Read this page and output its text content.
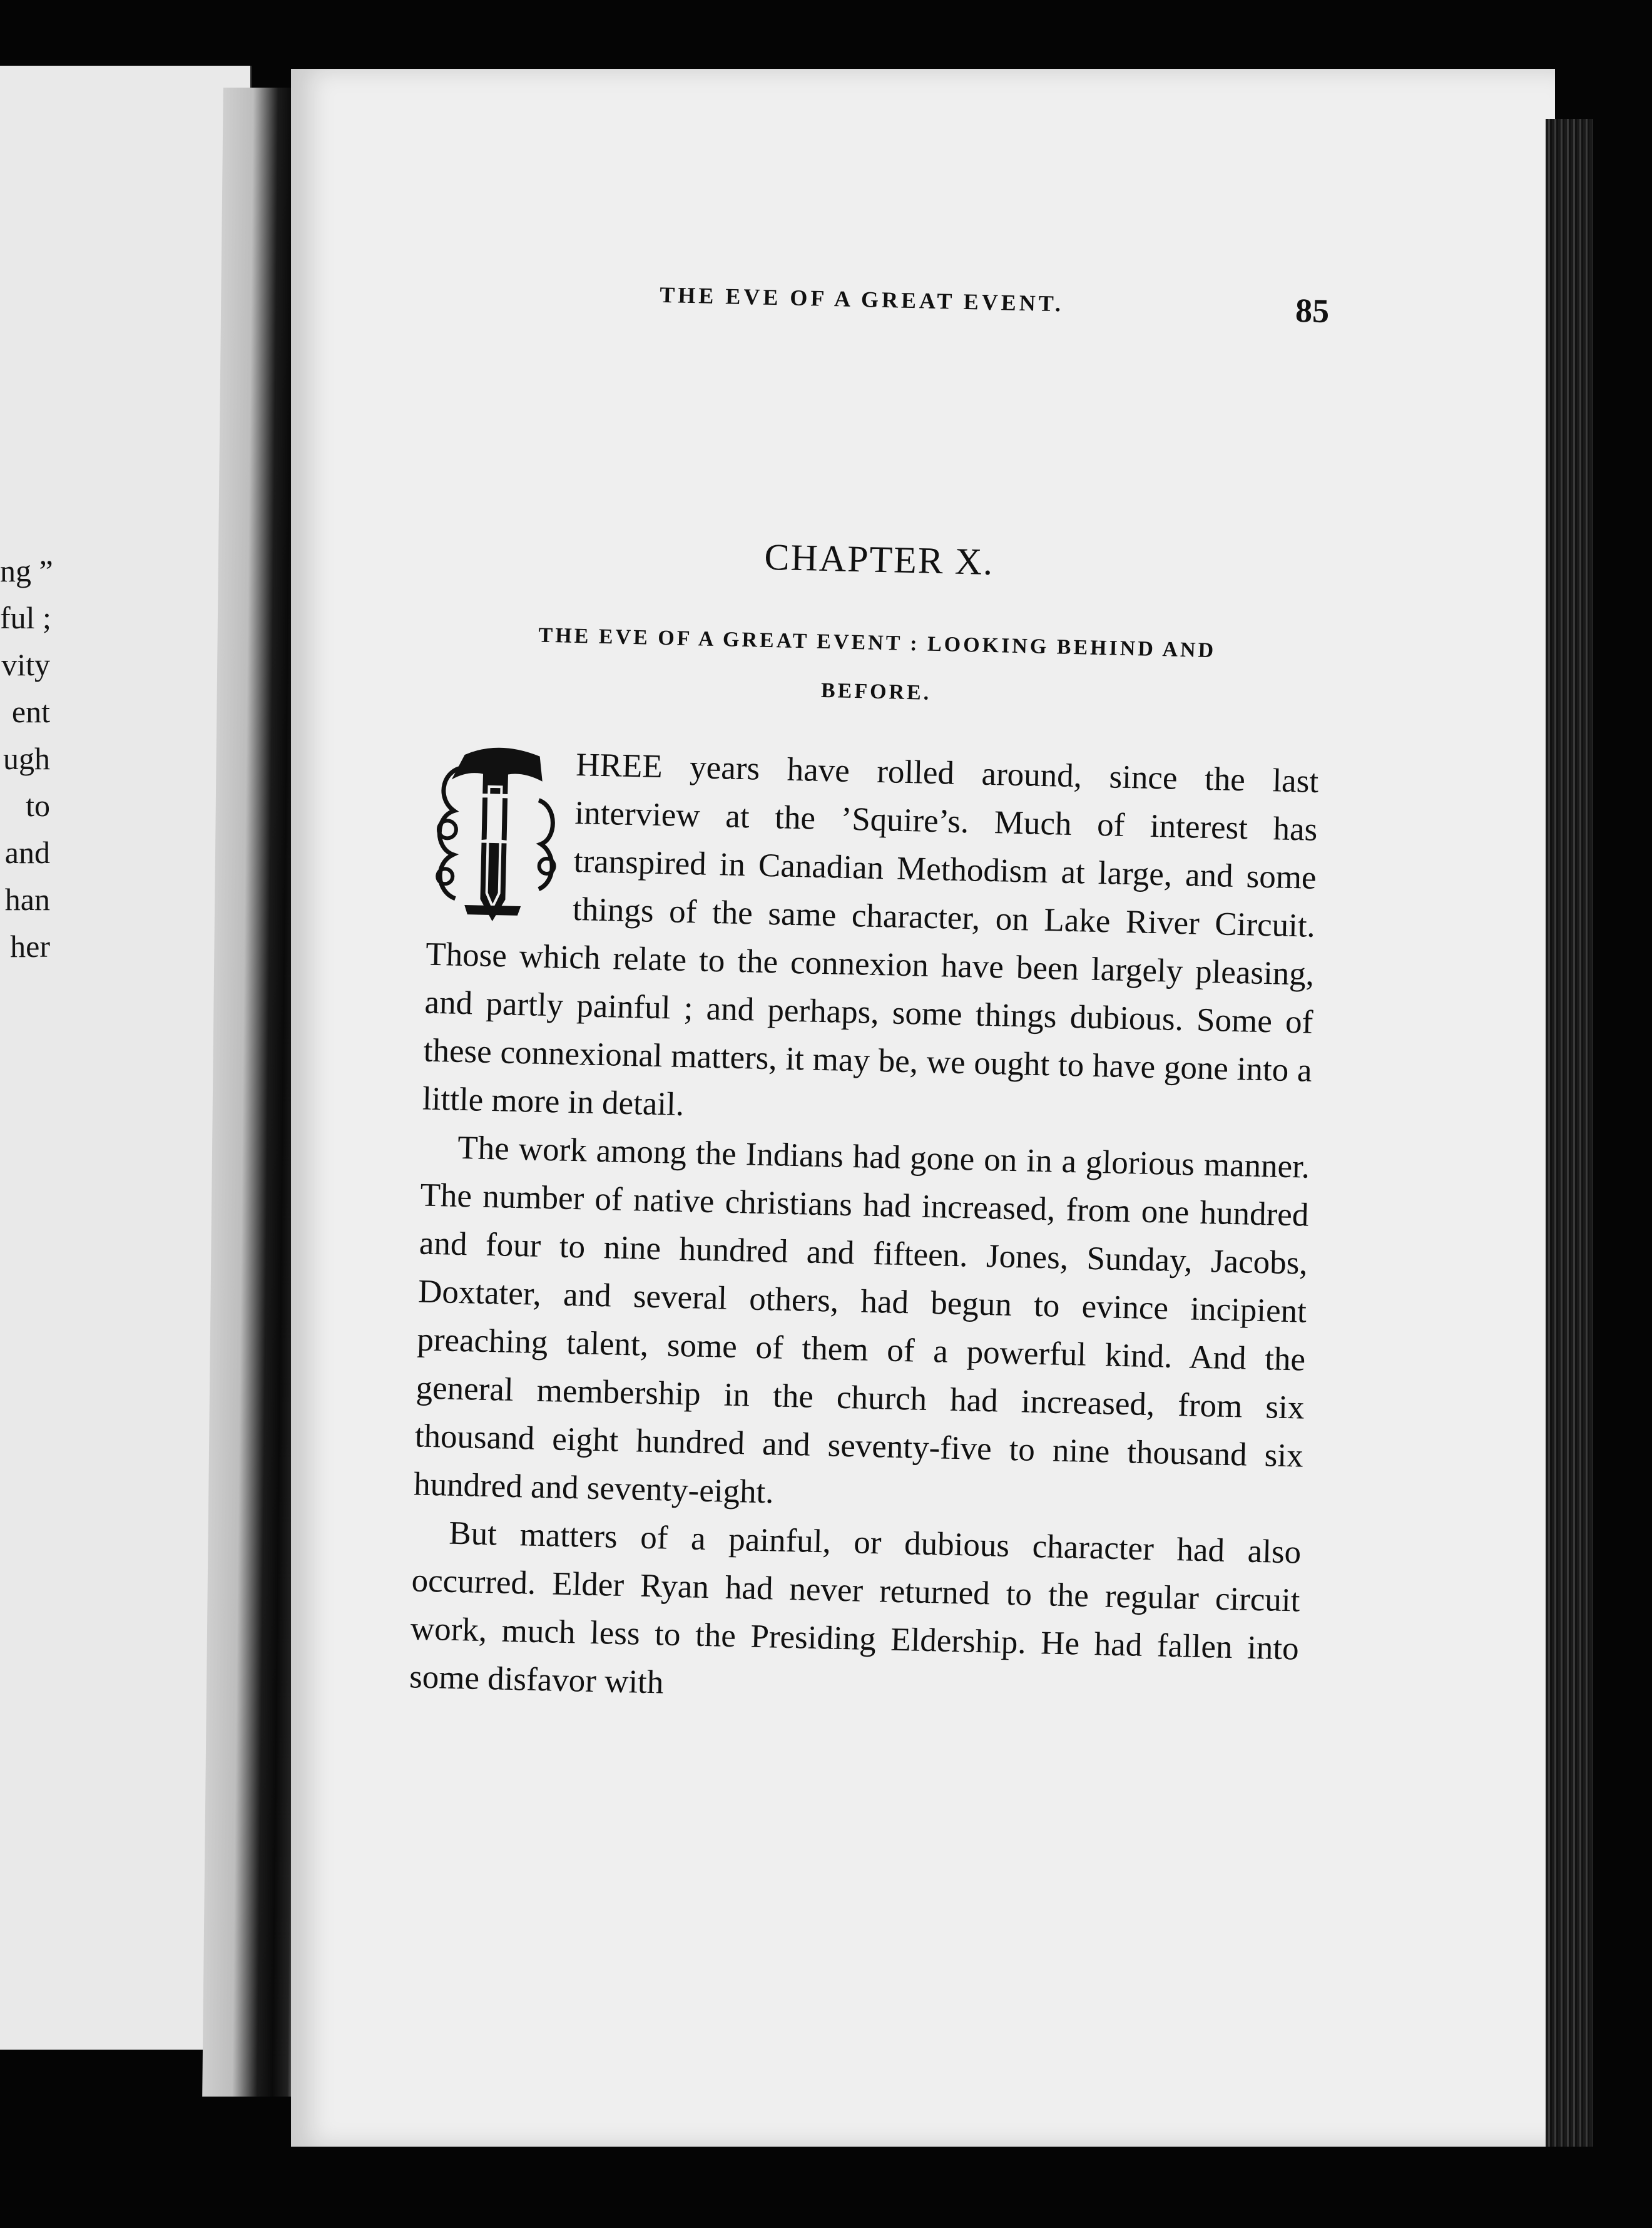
ng ”
ful ;
vity
ent
ugh
to
and
han
her
THE EVE OF A GREAT EVENT.	85
CHAPTER X.
THE EVE OF A GREAT EVENT : LOOKING BEHIND AND
BEFORE.
T

HREE years have rolled around, since the last interview at the ’Squire’s. Much of interest has transpired in Canadian Methodism at large, and some things of the same character, on Lake River Circuit. Those which relate to the connexion have been largely pleasing, and partly painful ; and perhaps, some things dubious. Some of these connexional matters, it may be, we ought to have gone into a little more in detail.

The work among the Indians had gone on in a glorious manner. The number of native christians had increased, from one hundred and four to nine hundred and fifteen. Jones, Sunday, Jacobs, Doxtater, and several others, had begun to evince incipient preaching talent, some of them of a powerful kind. And the general membership in the church had increased, from six thousand eight hundred and seventy-five to nine thousand six hundred and seventy-eight.

But matters of a painful, or dubious character had also occurred. Elder Ryan had never returned to the regular circuit work, much less to the Presiding Eldership. He had fallen into some disfavor with
